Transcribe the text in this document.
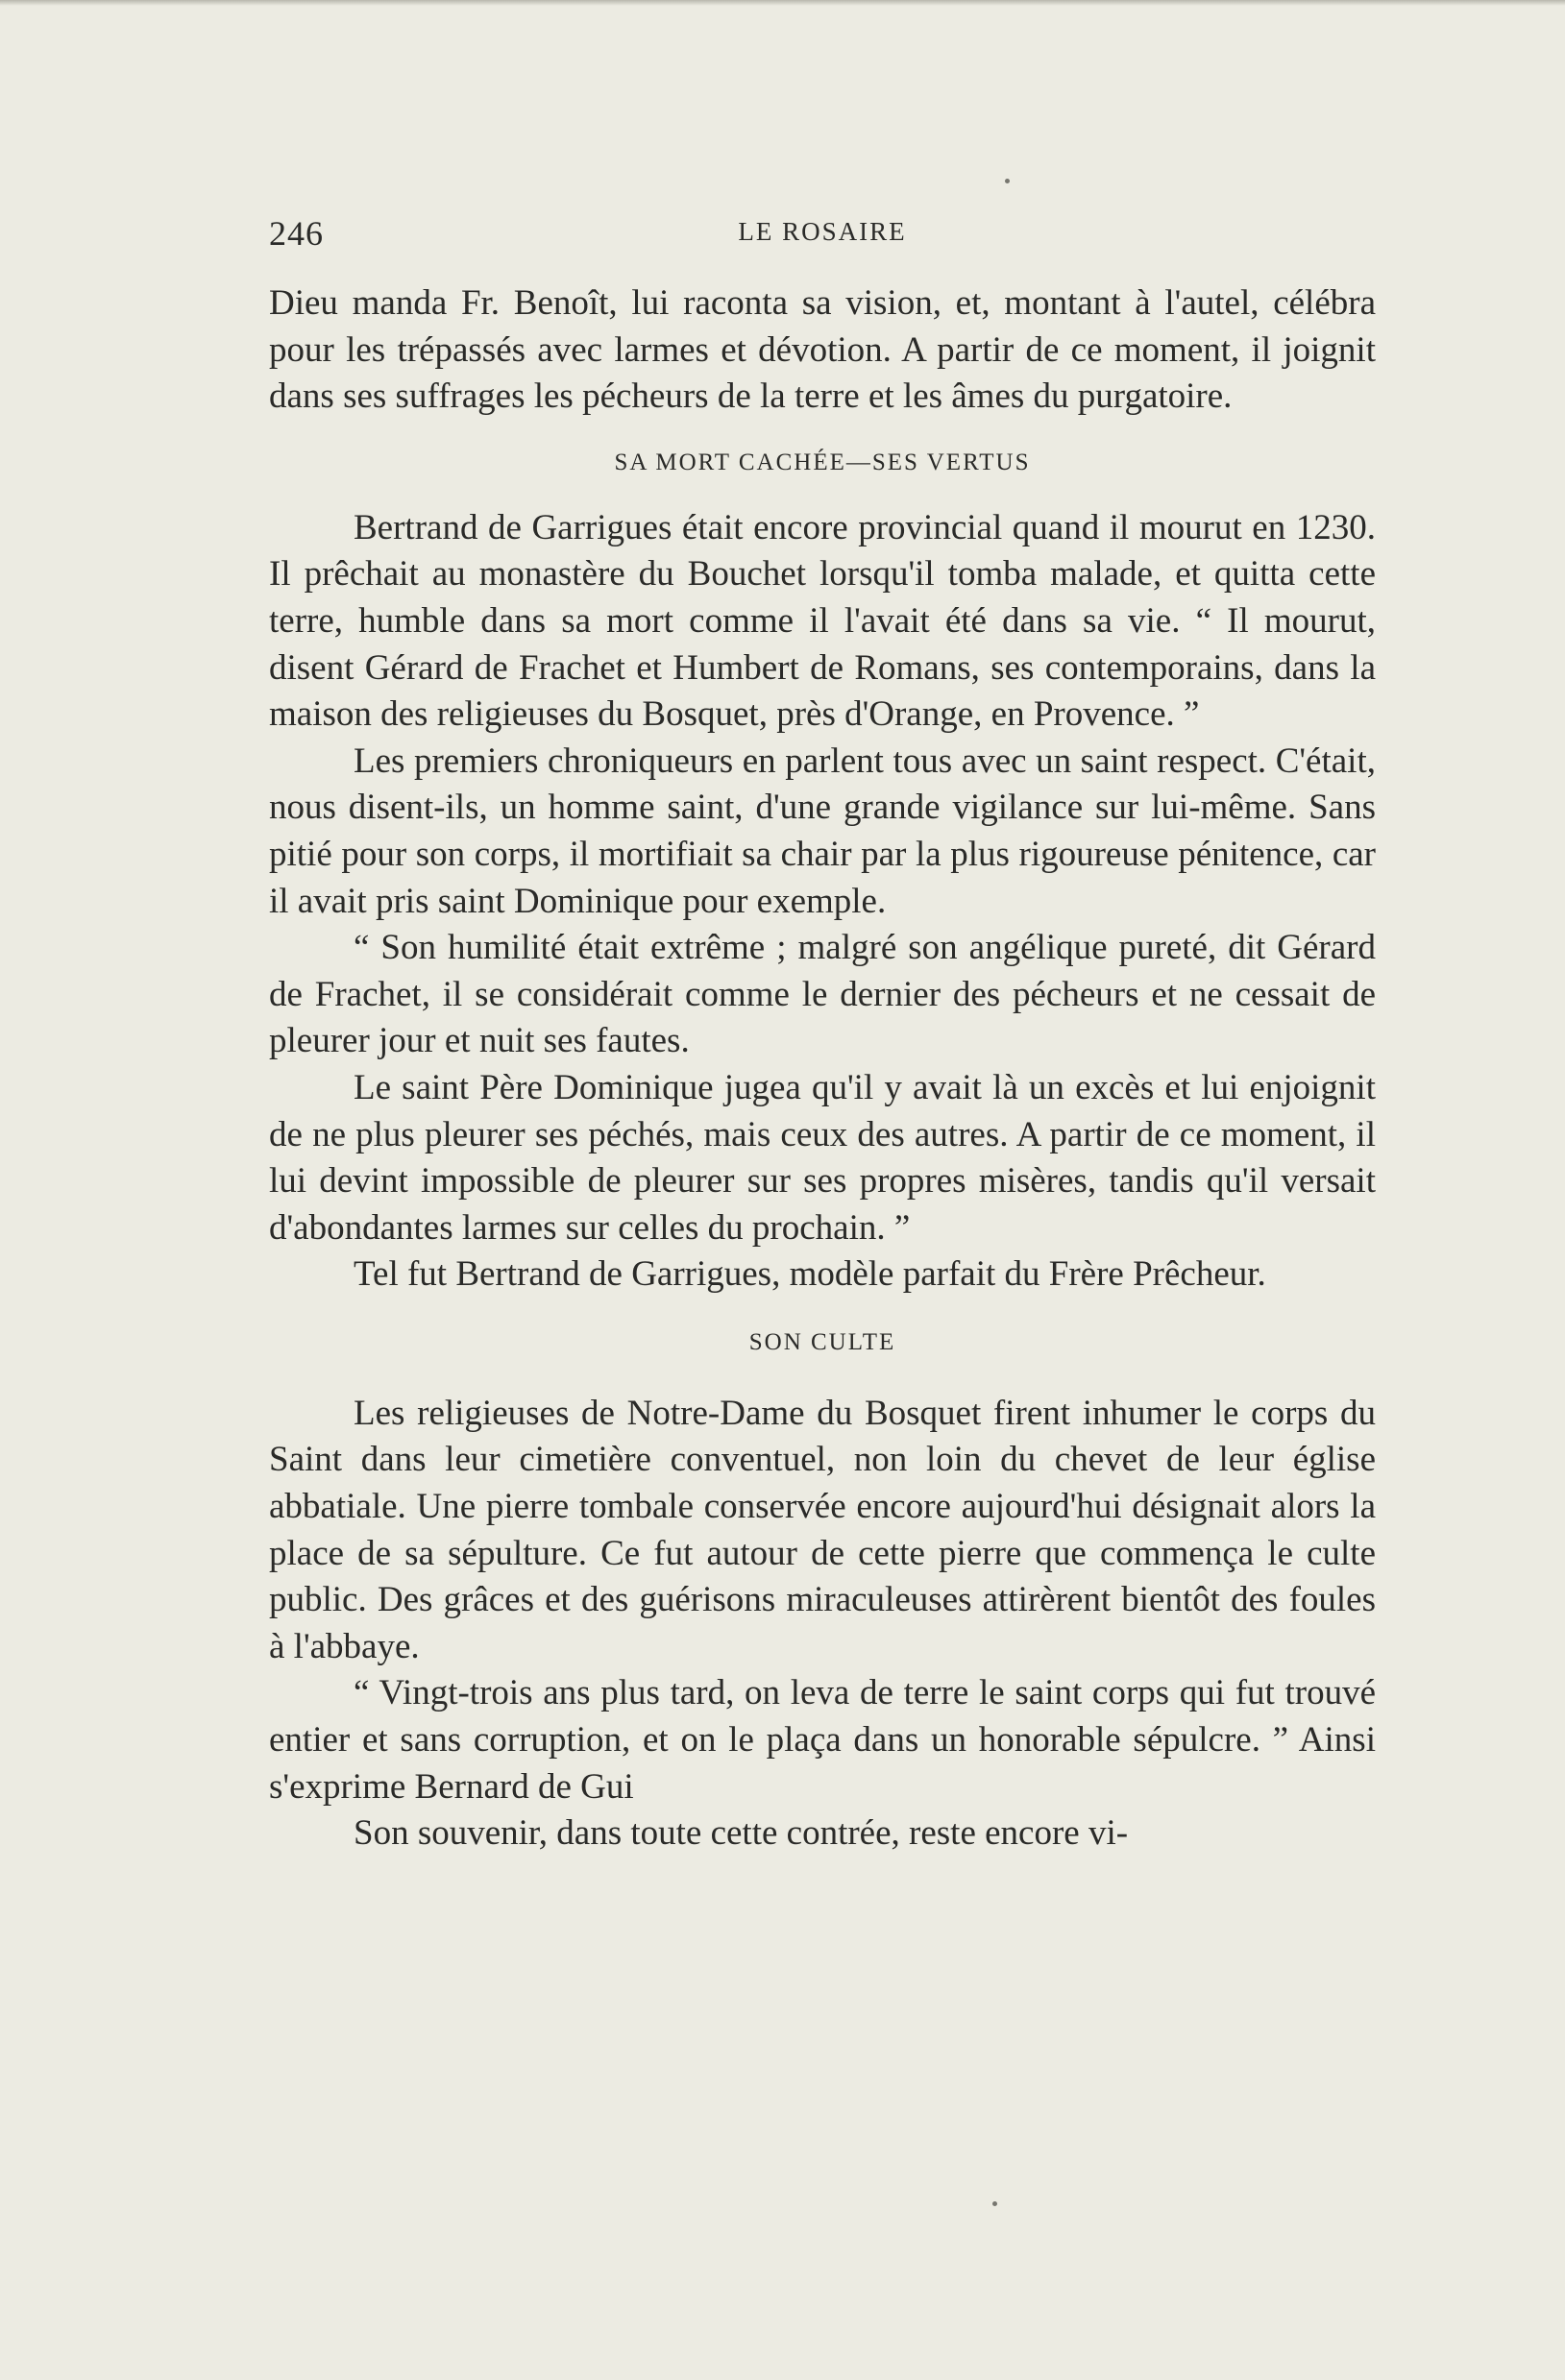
246	LE ROSAIRE

Dieu manda Fr. Benoît, lui raconta sa vision, et, montant à l'autel, célébra pour les trépassés avec larmes et dévotion. A partir de ce moment, il joignit dans ses suffrages les pécheurs de la terre et les âmes du purgatoire.

SA MORT CACHÉE—SES VERTUS

Bertrand de Garrigues était encore provincial quand il mourut en 1230. Il prêchait au monastère du Bouchet lorsqu'il tomba malade, et quitta cette terre, humble dans sa mort comme il l'avait été dans sa vie. “ Il mourut, disent Gérard de Frachet et Humbert de Romans, ses contemporains, dans la maison des religieuses du Bosquet, près d'Orange, en Provence. ”

Les premiers chroniqueurs en parlent tous avec un saint respect. C'était, nous disent-ils, un homme saint, d'une grande vigilance sur lui-même. Sans pitié pour son corps, il mortifiait sa chair par la plus rigoureuse pénitence, car il avait pris saint Dominique pour exemple.

“ Son humilité était extrême ; malgré son angélique pureté, dit Gérard de Frachet, il se considérait comme le dernier des pécheurs et ne cessait de pleurer jour et nuit ses fautes.

Le saint Père Dominique jugea qu'il y avait là un excès et lui enjoignit de ne plus pleurer ses péchés, mais ceux des autres. A partir de ce moment, il lui devint impossible de pleurer sur ses propres misères, tandis qu'il versait d'abondantes larmes sur celles du prochain. ”

Tel fut Bertrand de Garrigues, modèle parfait du Frère Prêcheur.

SON CULTE

Les religieuses de Notre-Dame du Bosquet firent inhumer le corps du Saint dans leur cimetière conventuel, non loin du chevet de leur église abbatiale. Une pierre tombale conservée encore aujourd'hui désignait alors la place de sa sépulture. Ce fut autour de cette pierre que commença le culte public. Des grâces et des guérisons miraculeuses attirèrent bientôt des foules à l'abbaye.

“ Vingt-trois ans plus tard, on leva de terre le saint corps qui fut trouvé entier et sans corruption, et on le plaça dans un honorable sépulcre. ” Ainsi s'exprime Bernard de Gui

Son souvenir, dans toute cette contrée, reste encore vi-
